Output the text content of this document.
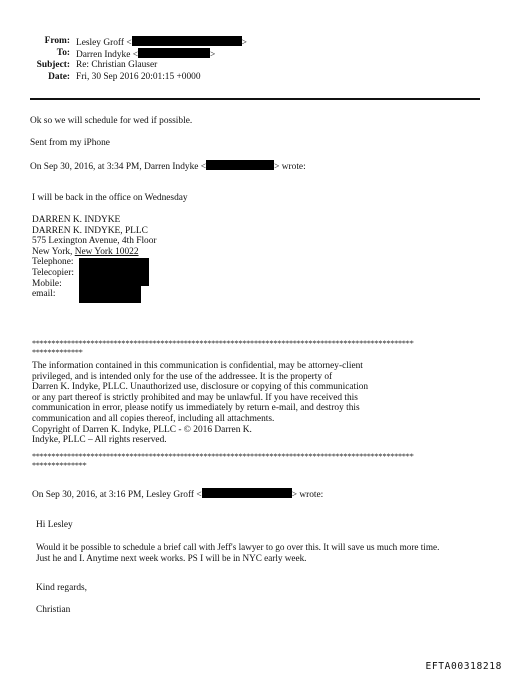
From: Lesley Groff <	>
To: Darren Indyke <	>
Subject: Re: Christian Glauser
Date: Fri, 30 Sep 2016 20:01:15 +0000
Ok so we will schedule for wed if possible.
Sent from my iPhone
On Sep 30, 2016, at 3:34 PM, Darren Indyke <	> wrote:
I will be back in the office on Wednesday
DARREN K. INDYKE
DARREN K. INDYKE, PLLC
575 Lexington Avenue, 4th Floor
New York, New York 10022
Telephone:
Telecopier:
Mobile:
email:
**************************************************************************************************
*************
The information contained in this communication is confidential, may be attorney-client
privileged, and is intended only for the use of the addressee. It is the property of
Darren K. Indyke, PLLC. Unauthorized use, disclosure or copying of this communication
or any part thereof is strictly prohibited and may be unlawful. If you have received this
communication in error, please notify us immediately by return e-mail, and destroy this
communication and all copies thereof, including all attachments.
Copyright of Darren K. Indyke, PLLC - © 2016 Darren K.
Indyke, PLLC – All rights reserved.
**************************************************************************************************
**************
On Sep 30, 2016, at 3:16 PM, Lesley Groff <	> wrote:
Hi Lesley
Would it be possible to schedule a brief call with Jeff's lawyer to go over this. It will save us much more time.
Just he and I. Anytime next week works. PS I will be in NYC early week.
Kind regards,
Christian
EFTA00318218
